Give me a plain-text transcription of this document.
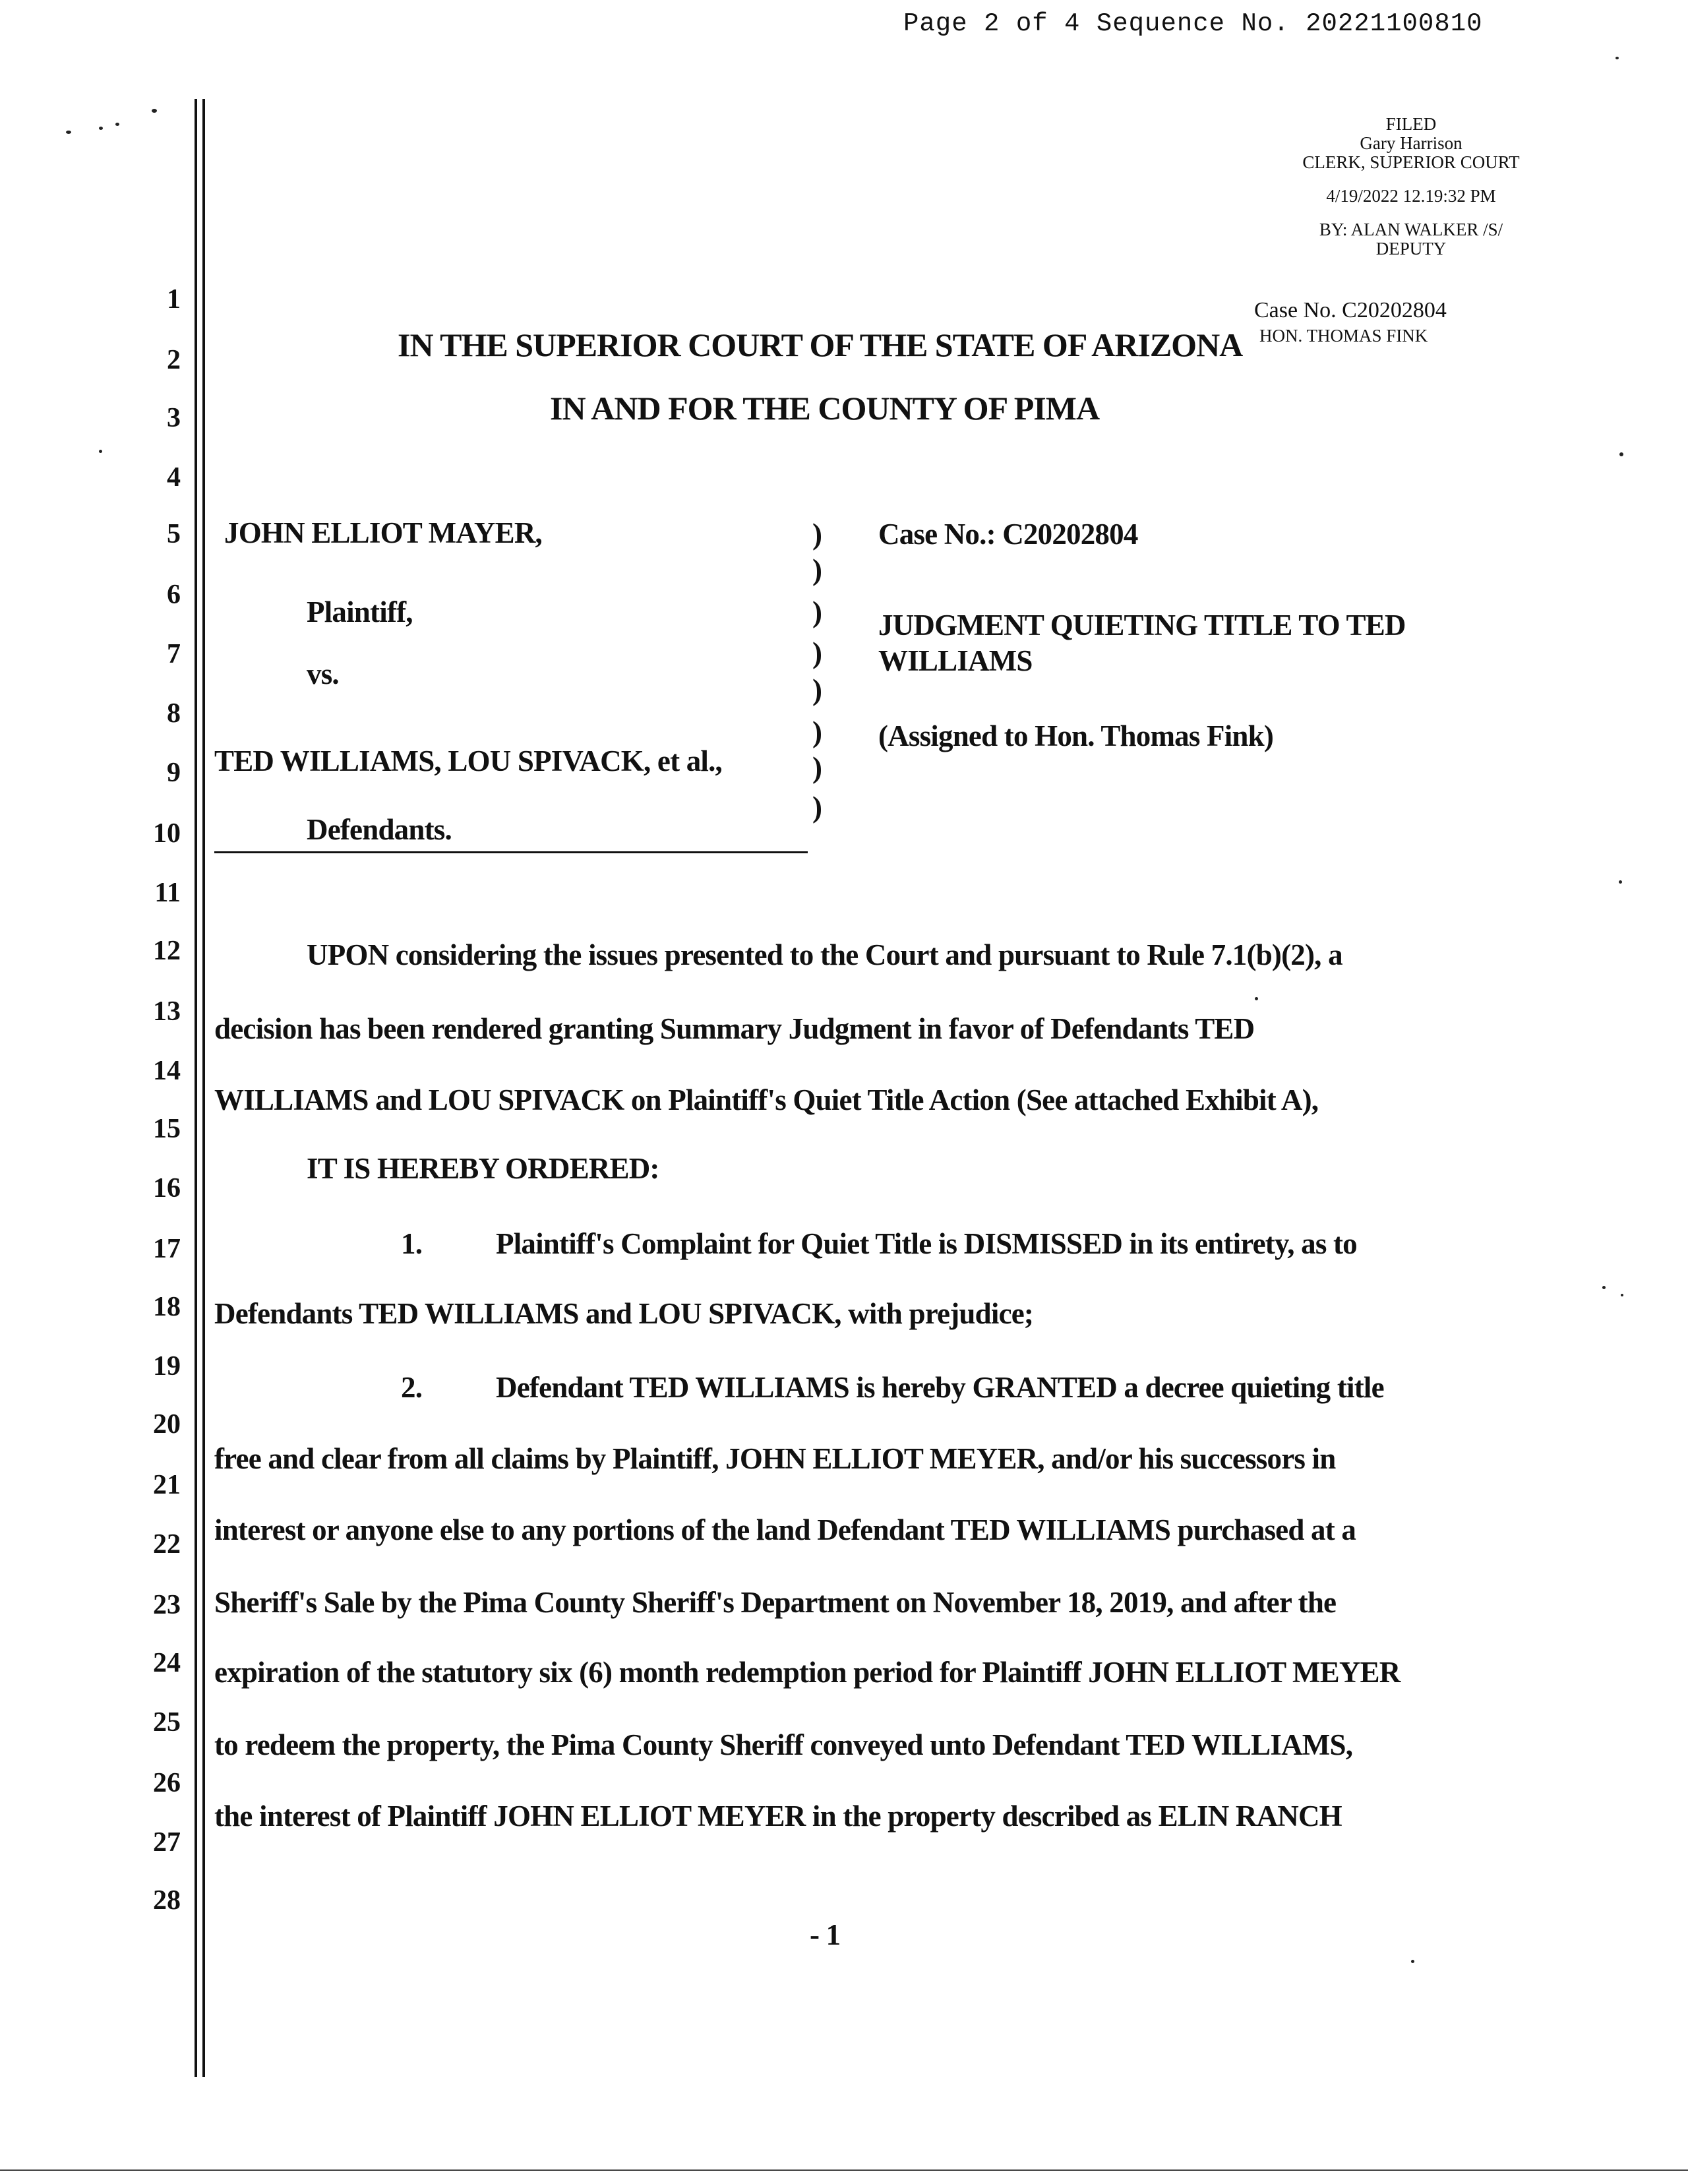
Page 2 of 4 Sequence No. 20221100810
FILED
Gary Harrison
CLERK, SUPERIOR COURT
4/19/2022 12.19:32 PM
BY: ALAN WALKER /S/
DEPUTY
Case No. C20202804
HON. THOMAS FINK
1
2
3
4
5
6
7
8
9
10
11
12
13
14
15
16
17
18
19
20
21
22
23
24
25
26
27
28
IN THE SUPERIOR COURT OF THE STATE OF ARIZONA
IN AND FOR THE COUNTY OF PIMA
JOHN ELLIOT MAYER,
Plaintiff,
vs.
TED WILLIAMS, LOU SPIVACK, et al.,
Defendants.
)
)
)
)
)
)
)
)
Case No.: C20202804
JUDGMENT QUIETING TITLE TO TED
WILLIAMS
(Assigned to Hon. Thomas Fink)
UPON considering the issues presented to the Court and pursuant to Rule 7.1(b)(2), a
decision has been rendered granting Summary Judgment in favor of Defendants TED
WILLIAMS and LOU SPIVACK on Plaintiff's Quiet Title Action (See attached Exhibit A),
IT IS HEREBY ORDERED:
1. Plaintiff's Complaint for Quiet Title is DISMISSED in its entirety, as to
Defendants TED WILLIAMS and LOU SPIVACK, with prejudice;
2. Defendant TED WILLIAMS is hereby GRANTED a decree quieting title
free and clear from all claims by Plaintiff, JOHN ELLIOT MEYER, and/or his successors in
interest or anyone else to any portions of the land Defendant TED WILLIAMS purchased at a
Sheriff's Sale by the Pima County Sheriff's Department on November 18, 2019, and after the
expiration of the statutory six (6) month redemption period for Plaintiff JOHN ELLIOT MEYER
to redeem the property, the Pima County Sheriff conveyed unto Defendant TED WILLIAMS,
the interest of Plaintiff JOHN ELLIOT MEYER in the property described as ELIN RANCH
- 1
